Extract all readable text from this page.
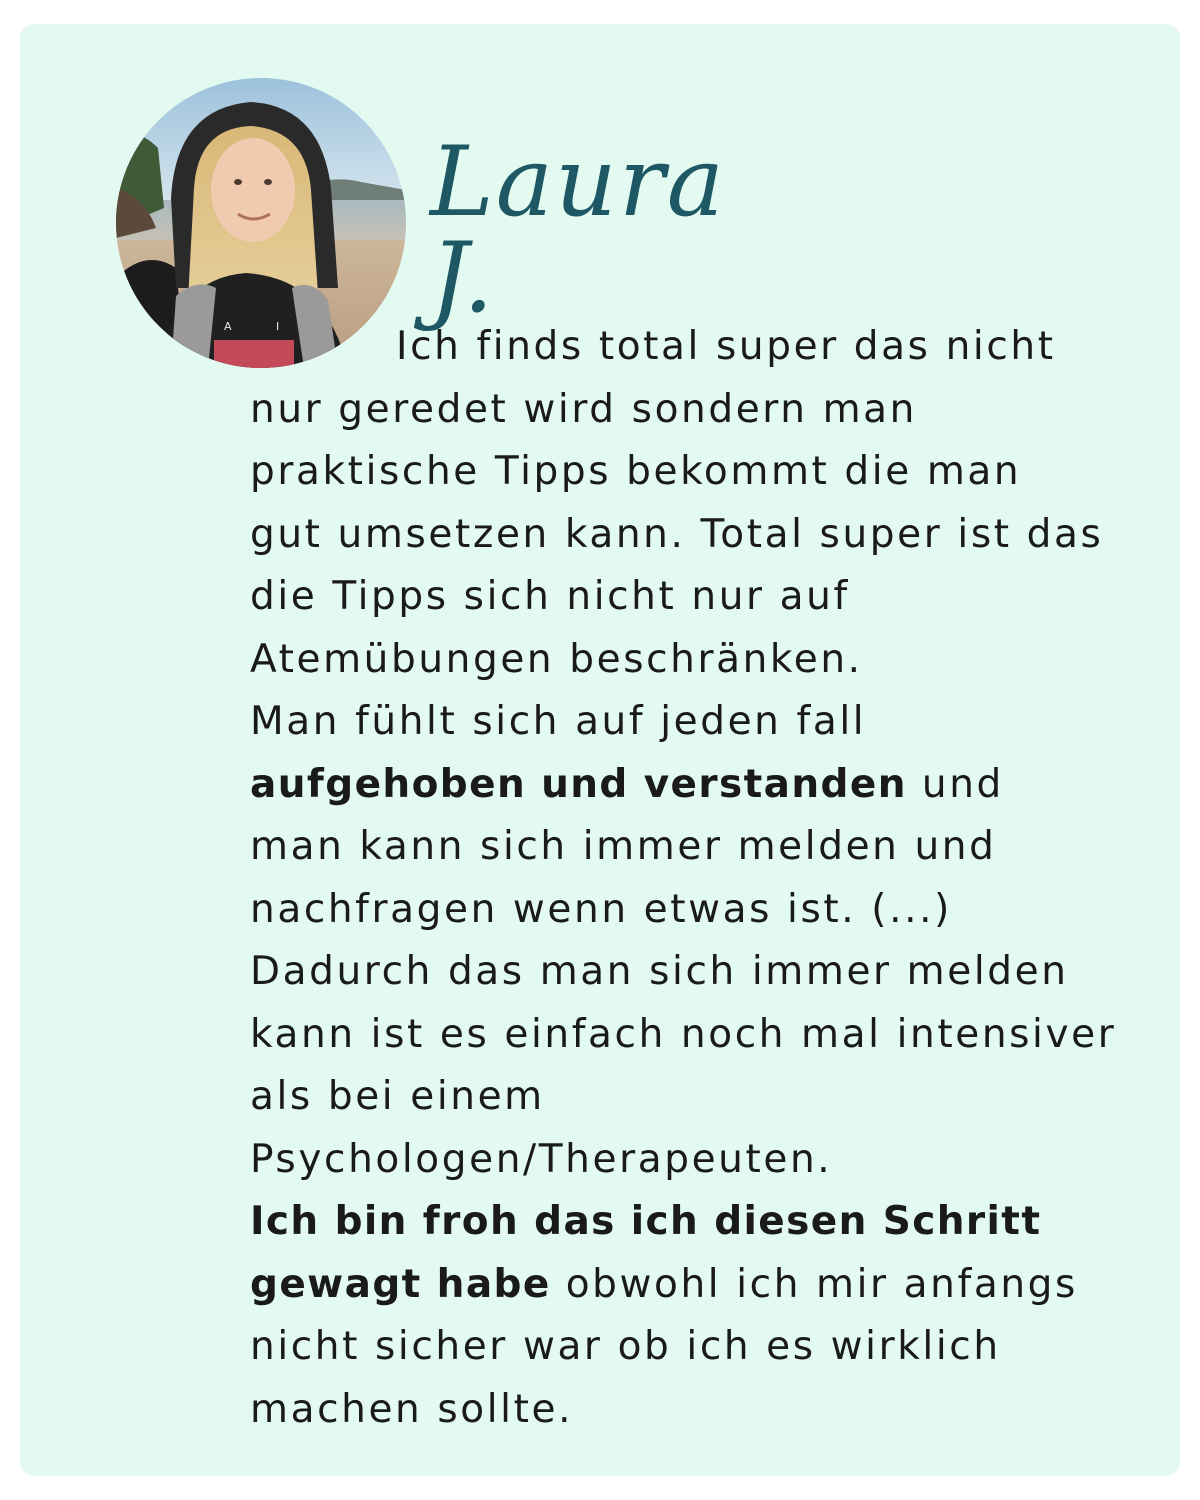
A	I
Laura J.

Ich finds total super das nicht
nur geredet wird sondern man
praktische Tipps bekommt die man
gut umsetzen kann. Total super ist das
die Tipps sich nicht nur auf
Atemübungen beschränken.
Man fühlt sich auf jeden fall
aufgehoben und verstanden und
man kann sich immer melden und
nachfragen wenn etwas ist. (...)
Dadurch das man sich immer melden
kann ist es einfach noch mal intensiver
als bei einem
Psychologen/Therapeuten.
Ich bin froh das ich diesen Schritt
gewagt habe obwohl ich mir anfangs
nicht sicher war ob ich es wirklich
machen sollte.
